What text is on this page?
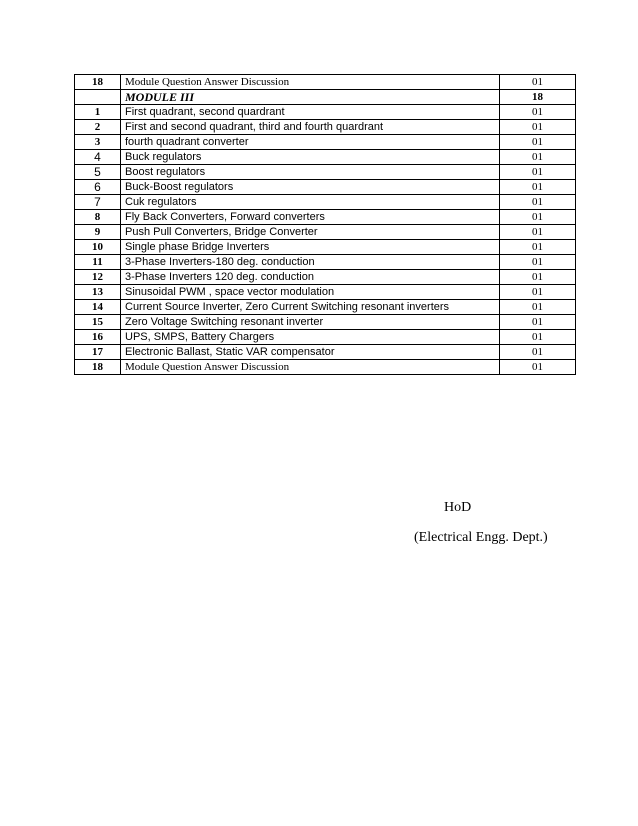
18	Module Question Answer Discussion	01
	MODULE III	18
1	First quadrant, second quardrant	01
2	First and second quadrant, third and fourth quardrant	01
3	fourth quadrant converter	01
4	Buck regulators	01
5	Boost regulators	01
6	Buck-Boost regulators	01
7	Cuk regulators	01
8	Fly Back Converters, Forward converters	01
9	Push Pull Converters, Bridge Converter	01
10	Single phase Bridge Inverters	01
11	3-Phase Inverters-180 deg. conduction	01
12	3-Phase Inverters 120 deg. conduction	01
13	Sinusoidal PWM , space vector modulation	01
14	Current Source Inverter, Zero Current Switching resonant inverters	01
15	Zero Voltage Switching resonant inverter	01
16	UPS, SMPS, Battery Chargers	01
17	Electronic Ballast, Static VAR compensator	01
18	Module Question Answer Discussion	01
HoD
(Electrical Engg. Dept.)
